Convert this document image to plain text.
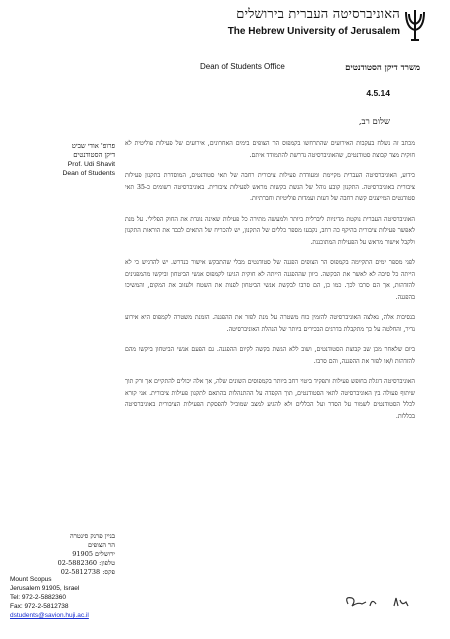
האוניברסיטה העברית בירושלים
The Hebrew University of Jerusalem
Dean of Students Office	משרד דיקן הסטודנטים
4.5.14
שלום רב,

מכתב זה נשלח בעקבות האירועים שהתרחשו בקמפוס הר הצופים בימים האחרונים, אירועים של פעילות פוליטית לא חוקית מצד קבוצת סטודנטים, שהאוניברסיטה נדרשת להתמודד איתם.

כידוע, האוניברסיטה העברית מקיימת ומעודדת פעילות ציבורית רחבה של תאי סטודנטים, המוסדרת בתקנון פעילות ציבורית באוניברסיטה. התקנון קובע נוהל של הגשת בקשות מראש לפעילות ציבורית. באוניברסיטה רשומים כ-35 תאי סטודנטים המייצגים קשת רחבה של דעות ועמדות פוליטיות וחברתיות.

האוניברסיטה העברית נוקטת מדיניות ליברלית ביותר ולמעשה מתירה כל פעילות שאינה נוגדת את החוק הפלילי. על מנת לאפשר פעילות ציבורית בהיקף כה רחב, נקבעו מספר כללים של התקנון, יש להכריח של התאים לכבד את הוראות התקנון ולקבל אישור מראש על הפעילות המתוכננת.

לפני מספר ימים התקיימה בקמפוס הר הצופים הפגנה של סטודנטים מבלי שהתבקש אישור כנדרש. יש להדגיש כי לא הייתה כל סיבה לא לאשר את הבקשה. כיוון שההפגנה הייתה לא חוקית הגיעו לקמפוס אנשי הביטחון וביקשו מהמפגינים להזדהות, אך הם סרבו לכך. כמו כן, הם סרבו לבקשת אנשי הביטחון לפנות את השטח ולעזוב את המקום, והמשיכו בהפגנה.

בנסיבות אלה, נאלצה האוניברסיטה להזמין כוח משטרה על מנת לפזר את ההפגנה. הזמנת משטרה לקמפוס היא אירוע נדיר, והחלטה על כך מתקבלת בדרגים הבכירים ביותר של הנהלת האוניברסיטה.

ביום שלאחר מכן שב קבוצת הסטודנטים, ושוב ללא הגשת בקשה לקיום ההפגנה. גם הפעם אנשי הביטחון ביקשו מהם להזדהות ו/או לפזר את ההפגנה, והם סרבו.

האוניברסיטה דוגלת בחופש פעילות ותפקיד ביטוי רחב ביותר בקמפוסים השונים שלה, אך אלה יכולים להתקיים אך ורק תוך שיתוף פעולה בין האוניברסיטה לתאי הסטודנטים, תוך הקפדה על ההתנהלות בהתאם לתקנון פעילות ציבורית. אני קורא לכלל הסטודנטים לשמור על הסדר ועל הכללים ולא להגיע למצב שמוביל להפסקת הפעילות הציבורית באוניברסיטה בכללות.

פרופ' אודי שביט
דיקן הסטודנטים
Prof. Udi Shavit
Dean of Students
בניין פרנק סינטרה
הר הצופים
ירושלים 91905
טלפון: 02-5882360
פקס: 02-5812738
Mount Scopus
Jerusalem 91905, Israel
Tel: 972-2-5882360
Fax: 972-2-5812738
dstudents@savion.huji.ac.il
